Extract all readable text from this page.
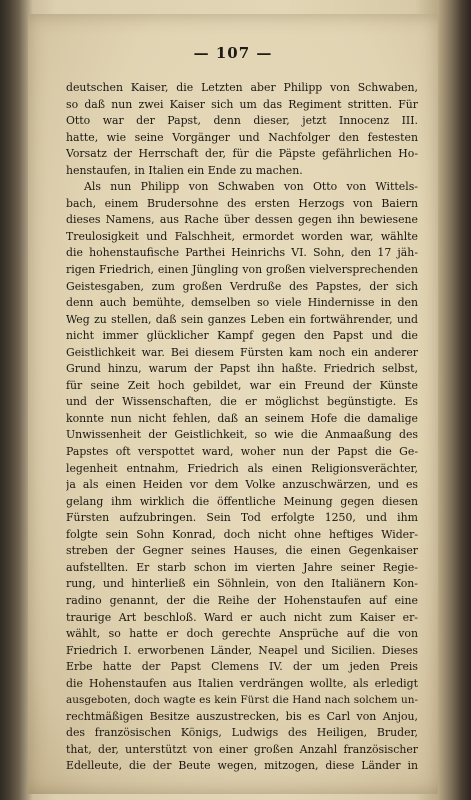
— 107 —
deutschen Kaiser, die Letzten aber Philipp von Schwaben,
so daß nun zwei Kaiser sich um das Regiment stritten. Für
Otto war der Papst, denn dieser, jetzt Innocenz III.
hatte, wie seine Vorgänger und Nachfolger den festesten
Vorsatz der Herrschaft der, für die Päpste gefährlichen Ho-
henstaufen, in Italien ein Ende zu machen.
Als nun Philipp von Schwaben von Otto von Wittels-
bach, einem Brudersohne des ersten Herzogs von Baiern
dieses Namens, aus Rache über dessen gegen ihn bewiesene
Treulosigkeit und Falschheit, ermordet worden war, wählte
die hohenstaufische Parthei Heinrichs VI. Sohn, den 17 jäh-
rigen Friedrich, einen Jüngling von großen vielversprechenden
Geistesgaben, zum großen Verdruße des Papstes, der sich
denn auch bemühte, demselben so viele Hindernisse in den
Weg zu stellen, daß sein ganzes Leben ein fortwährender, und
nicht immer glücklicher Kampf gegen den Papst und die
Geistlichkeit war. Bei diesem Fürsten kam noch ein anderer
Grund hinzu, warum der Papst ihn haßte. Friedrich selbst,
für seine Zeit hoch gebildet, war ein Freund der Künste
und der Wissenschaften, die er möglichst begünstigte. Es
konnte nun nicht fehlen, daß an seinem Hofe die damalige
Unwissenheit der Geistlichkeit, so wie die Anmaaßung des
Papstes oft verspottet ward, woher nun der Papst die Ge-
legenheit entnahm, Friedrich als einen Religionsverächter,
ja als einen Heiden vor dem Volke anzuschwärzen, und es
gelang ihm wirklich die öffentliche Meinung gegen diesen
Fürsten aufzubringen. Sein Tod erfolgte 1250, und ihm
folgte sein Sohn Konrad, doch nicht ohne heftiges Wider-
streben der Gegner seines Hauses, die einen Gegenkaiser
aufstellten. Er starb schon im vierten Jahre seiner Regie-
rung, und hinterließ ein Söhnlein, von den Italiänern Kon-
radino genannt, der die Reihe der Hohenstaufen auf eine
traurige Art beschloß. Ward er auch nicht zum Kaiser er-
wählt, so hatte er doch gerechte Ansprüche auf die von
Friedrich I. erworbenen Länder, Neapel und Sicilien. Dieses
Erbe hatte der Papst Clemens IV. der um jeden Preis
die Hohenstaufen aus Italien verdrängen wollte, als erledigt
ausgeboten, doch wagte es kein Fürst die Hand nach solchem un-
rechtmäßigen Besitze auszustrecken, bis es Carl von Anjou,
des französischen Königs, Ludwigs des Heiligen, Bruder,
that, der, unterstützt von einer großen Anzahl französischer
Edelleute, die der Beute wegen, mitzogen, diese Länder in
